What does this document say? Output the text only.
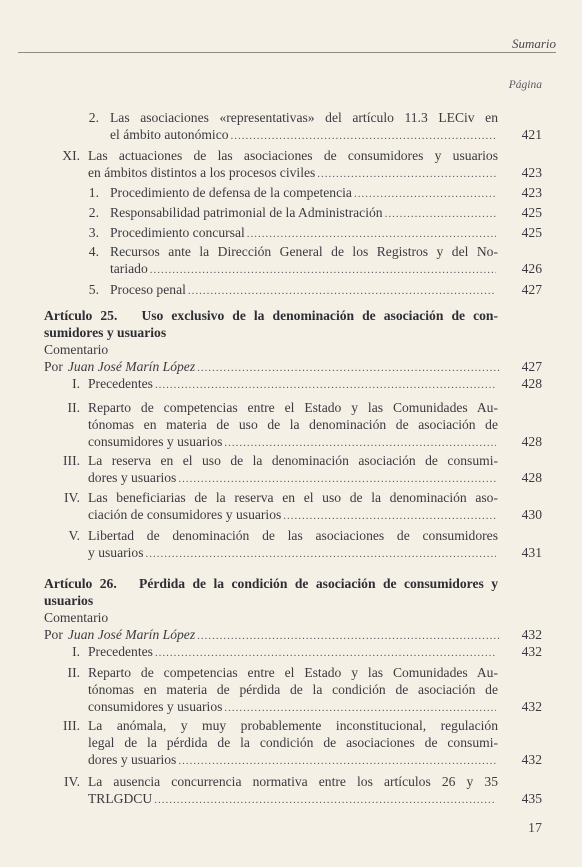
Sumario
Página
2. Las asociaciones «representativas» del artículo 11.3 LECiv en
el ámbito autonómico .....	421
XI. Las actuaciones de las asociaciones de consumidores y usuarios
en ámbitos distintos a los procesos civiles .....	423
1. Procedimiento de defensa de la competencia .....	423
2. Responsabilidad patrimonial de la Administración .....	425
3. Procedimiento concursal .....	425
4. Recursos ante la Dirección General de los Registros y del No-
tariado .....	426
5. Proceso penal .....	427
Artículo 25.   Uso exclusivo de la denominación de asociación de con-
sumidores y usuarios
Comentario
Por Juan José Marín López .....	427
I. Precedentes .....	428
II. Reparto de competencias entre el Estado y las Comunidades Au-
tónomas en materia de uso de la denominación de asociación de
consumidores y usuarios .....	428
III. La reserva en el uso de la denominación asociación de consumi-
dores y usuarios .....	428
IV. Las beneficiarias de la reserva en el uso de la denominación aso-
ciación de consumidores y usuarios .....	430
V. Libertad de denominación de las asociaciones de consumidores
y usuarios .....	431
Artículo 26.   Pérdida de la condición de asociación de consumidores y
usuarios
Comentario
Por Juan José Marín López .....	432
I. Precedentes .....	432
II. Reparto de competencias entre el Estado y las Comunidades Au-
tónomas en materia de pérdida de la condición de asociación de
consumidores y usuarios .....	432
III. La anómala, y muy probablemente inconstitucional, regulación
legal de la pérdida de la condición de asociaciones de consumi-
dores y usuarios .....	432
IV. La ausencia concurrencia normativa entre los artículos 26 y 35
TRLGDCU .....	435
17
